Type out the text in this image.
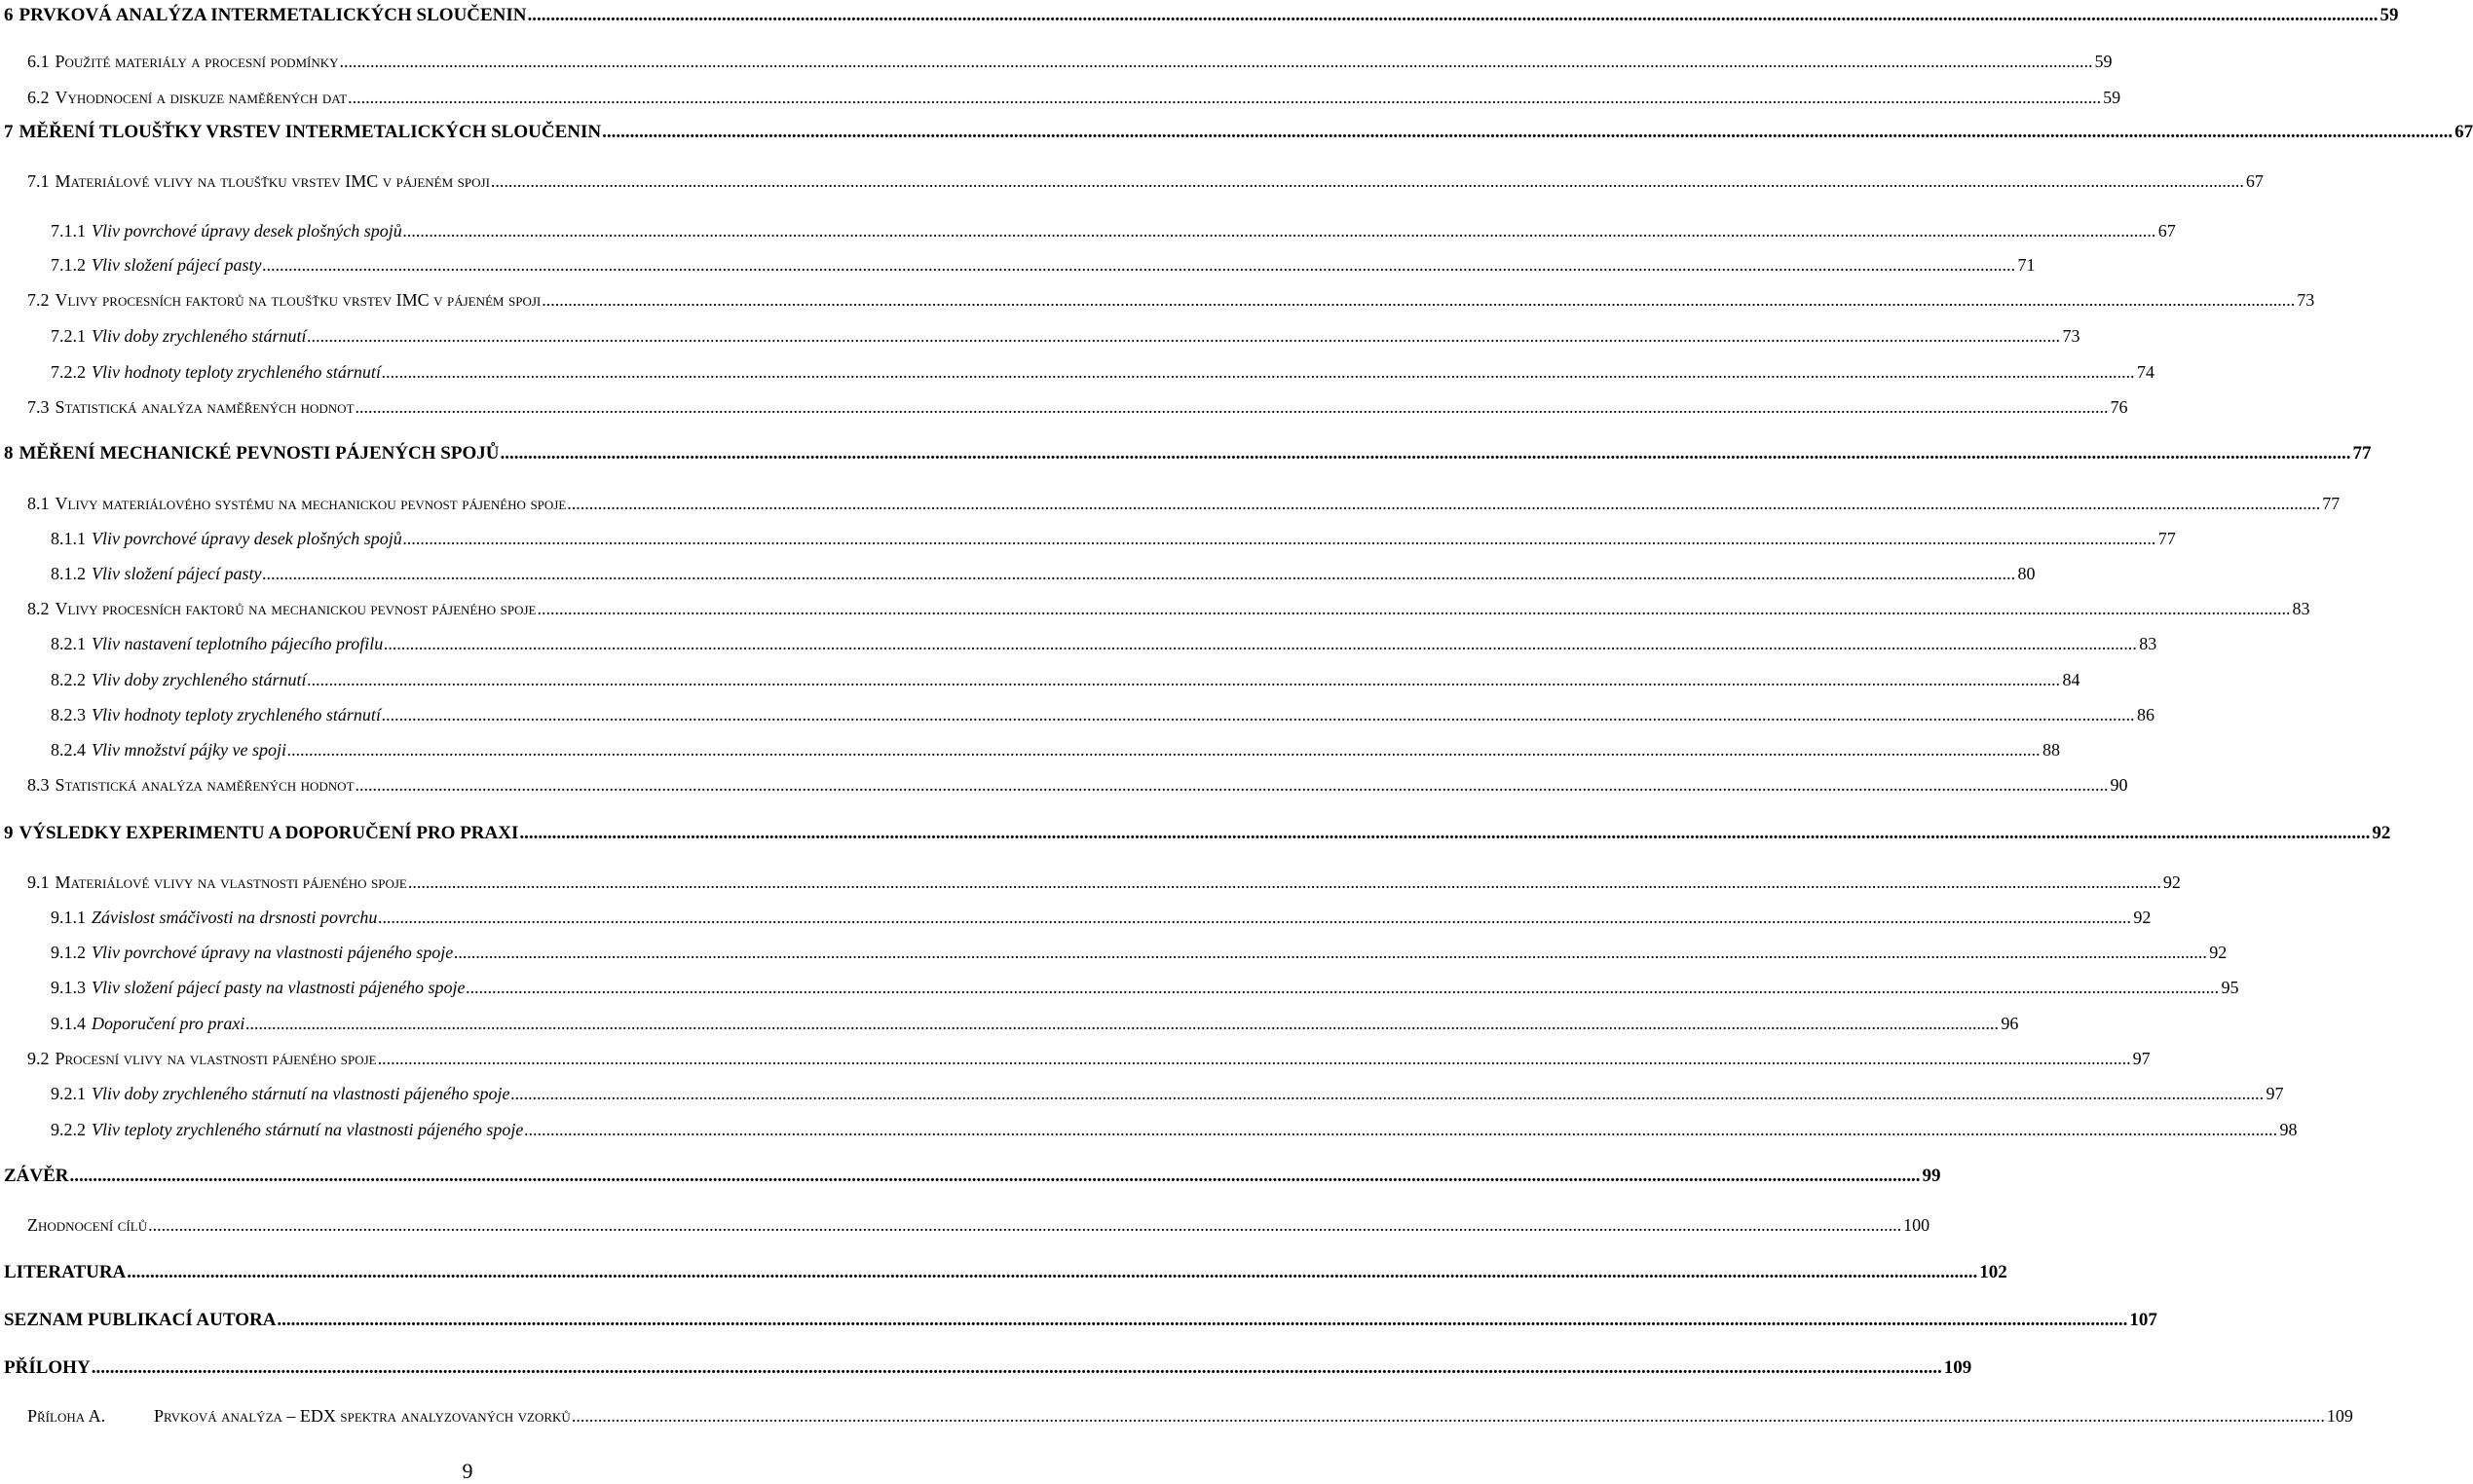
6 PRVKOVÁ ANALÝZA INTERMETALICKÝCH SLOUČENIN ................................................................................................................................................................................................................................................................................................................................................................................................................ 59
6.1 Použité materiály a procesní podmínky ................................................................................................................................................................................................................................................................................................................................................................................................................ 59
6.2 Vyhodnocení a diskuze naměřených dat ................................................................................................................................................................................................................................................................................................................................................................................................................ 59
7 MĚŘENÍ TLOUŠŤKY VRSTEV INTERMETALICKÝCH SLOUČENIN ................................................................................................................................................................................................................................................................................................................................................................................................................ 67
7.1 Materiálové vlivy na tloušťku vrstev IMC v pájeném spoji ................................................................................................................................................................................................................................................................................................................................................................................................................ 67
7.1.1 Vliv povrchové úpravy desek plošných spojů ................................................................................................................................................................................................................................................................................................................................................................................................................ 67
7.1.2 Vliv složení pájecí pasty ................................................................................................................................................................................................................................................................................................................................................................................................................ 71
7.2 Vlivy procesních faktorů na tloušťku vrstev IMC v pájeném spoji ................................................................................................................................................................................................................................................................................................................................................................................................................ 73
7.2.1 Vliv doby zrychleného stárnutí ................................................................................................................................................................................................................................................................................................................................................................................................................ 73
7.2.2 Vliv hodnoty teploty zrychleného stárnutí ................................................................................................................................................................................................................................................................................................................................................................................................................ 74
7.3 Statistická analýza naměřených hodnot ................................................................................................................................................................................................................................................................................................................................................................................................................ 76
8 MĚŘENÍ MECHANICKÉ PEVNOSTI PÁJENÝCH SPOJŮ ................................................................................................................................................................................................................................................................................................................................................................................................................ 77
8.1 Vlivy materiálového systému na mechanickou pevnost pájeného spoje ................................................................................................................................................................................................................................................................................................................................................................................................................ 77
8.1.1 Vliv povrchové úpravy desek plošných spojů ................................................................................................................................................................................................................................................................................................................................................................................................................ 77
8.1.2 Vliv složení pájecí pasty ................................................................................................................................................................................................................................................................................................................................................................................................................ 80
8.2 Vlivy procesních faktorů na mechanickou pevnost pájeného spoje ................................................................................................................................................................................................................................................................................................................................................................................................................ 83
8.2.1 Vliv nastavení teplotního pájecího profilu ................................................................................................................................................................................................................................................................................................................................................................................................................ 83
8.2.2 Vliv doby zrychleného stárnutí ................................................................................................................................................................................................................................................................................................................................................................................................................ 84
8.2.3 Vliv hodnoty teploty zrychleného stárnutí ................................................................................................................................................................................................................................................................................................................................................................................................................ 86
8.2.4 Vliv množství pájky ve spoji ................................................................................................................................................................................................................................................................................................................................................................................................................ 88
8.3 Statistická analýza naměřených hodnot ................................................................................................................................................................................................................................................................................................................................................................................................................ 90
9 VÝSLEDKY EXPERIMENTU A DOPORUČENÍ PRO PRAXI ................................................................................................................................................................................................................................................................................................................................................................................................................ 92
9.1 Materiálové vlivy na vlastnosti pájeného spoje ................................................................................................................................................................................................................................................................................................................................................................................................................ 92
9.1.1 Závislost smáčivosti na drsnosti povrchu ................................................................................................................................................................................................................................................................................................................................................................................................................ 92
9.1.2 Vliv povrchové úpravy na vlastnosti pájeného spoje ................................................................................................................................................................................................................................................................................................................................................................................................................ 92
9.1.3 Vliv složení pájecí pasty na vlastnosti pájeného spoje ................................................................................................................................................................................................................................................................................................................................................................................................................ 95
9.1.4 Doporučení pro praxi ................................................................................................................................................................................................................................................................................................................................................................................................................ 96
9.2 Procesní vlivy na vlastnosti pájeného spoje ................................................................................................................................................................................................................................................................................................................................................................................................................ 97
9.2.1 Vliv doby zrychleného stárnutí na vlastnosti pájeného spoje ................................................................................................................................................................................................................................................................................................................................................................................................................ 97
9.2.2 Vliv teploty zrychleného stárnutí na vlastnosti pájeného spoje ................................................................................................................................................................................................................................................................................................................................................................................................................ 98
ZÁVĚR ................................................................................................................................................................................................................................................................................................................................................................................................................ 99
Zhodnocení cílů ................................................................................................................................................................................................................................................................................................................................................................................................................ 100
LITERATURA ................................................................................................................................................................................................................................................................................................................................................................................................................ 102
SEZNAM PUBLIKACÍ AUTORA ................................................................................................................................................................................................................................................................................................................................................................................................................ 107
PŘÍLOHY ................................................................................................................................................................................................................................................................................................................................................................................................................ 109
Příloha A.	Prvková analýza – EDX spektra analyzovaných vzorků ................................................................................................................................................................................................................................................................................................................................................................................................................ 109
9
